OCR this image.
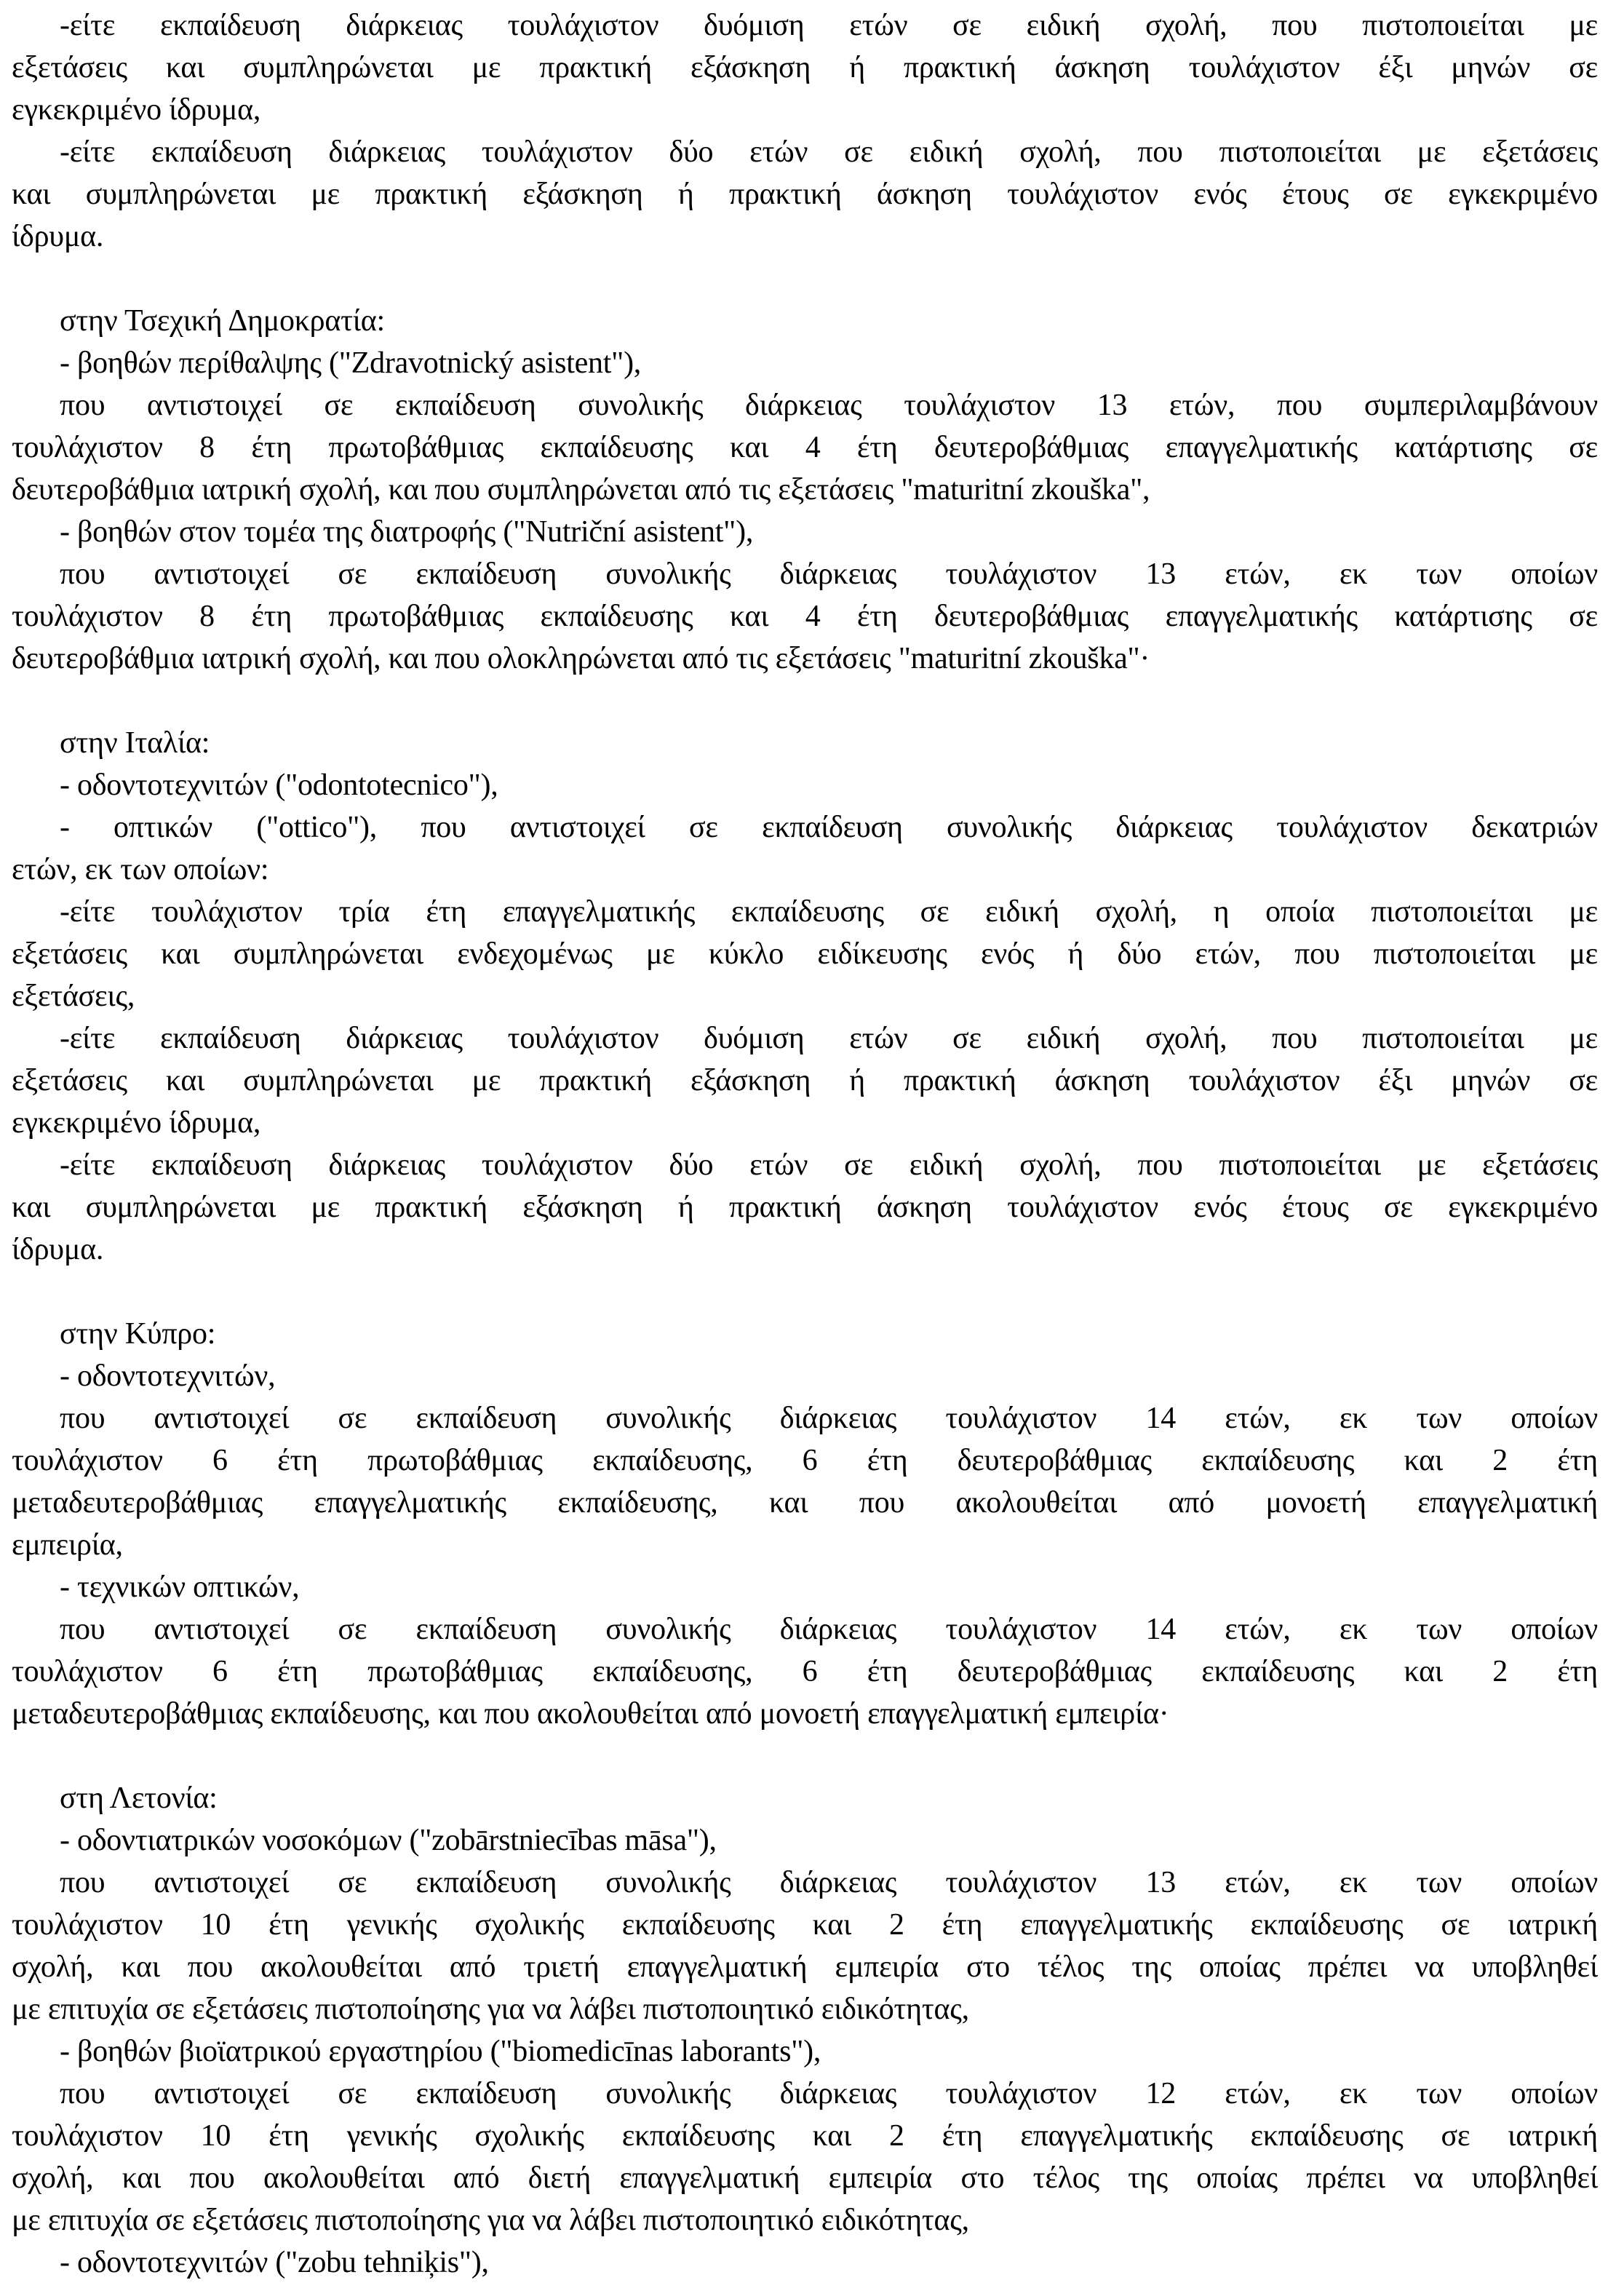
-είτε εκπαίδευση διάρκειας τουλάχιστον δυόμιση ετών σε ειδική σχολή, που πιστοποιείται με
εξετάσεις και συμπληρώνεται με πρακτική εξάσκηση ή πρακτική άσκηση τουλάχιστον έξι μηνών σε
εγκεκριμένο ίδρυμα,

-είτε εκπαίδευση διάρκειας τουλάχιστον δύο ετών σε ειδική σχολή, που πιστοποιείται με εξετάσεις
και συμπληρώνεται με πρακτική εξάσκηση ή πρακτική άσκηση τουλάχιστον ενός έτους σε εγκεκριμένο
ίδρυμα.

στην Τσεχική Δημοκρατία:

- βοηθών περίθαλψης ("Zdravotnický asistent"),

που αντιστοιχεί σε εκπαίδευση συνολικής διάρκειας τουλάχιστον 13 ετών, που συμπεριλαμβάνουν
τουλάχιστον 8 έτη πρωτοβάθμιας εκπαίδευσης και 4 έτη δευτεροβάθμιας επαγγελματικής κατάρτισης σε
δευτεροβάθμια ιατρική σχολή, και που συμπληρώνεται από τις εξετάσεις "maturitní zkouška",

- βοηθών στον τομέα της διατροφής ("Nutriční asistent"),

που αντιστοιχεί σε εκπαίδευση συνολικής διάρκειας τουλάχιστον 13 ετών, εκ των οποίων
τουλάχιστον 8 έτη πρωτοβάθμιας εκπαίδευσης και 4 έτη δευτεροβάθμιας επαγγελματικής κατάρτισης σε
δευτεροβάθμια ιατρική σχολή, και που ολοκληρώνεται από τις εξετάσεις "maturitní zkouška"·

στην Ιταλία:

- οδοντοτεχνιτών ("odontotecnico"),

- οπτικών ("ottico"), που αντιστοιχεί σε εκπαίδευση συνολικής διάρκειας τουλάχιστον δεκατριών
ετών, εκ των οποίων:

-είτε τουλάχιστον τρία έτη επαγγελματικής εκπαίδευσης σε ειδική σχολή, η οποία πιστοποιείται με
εξετάσεις και συμπληρώνεται ενδεχομένως με κύκλο ειδίκευσης ενός ή δύο ετών, που πιστοποιείται με
εξετάσεις,

-είτε εκπαίδευση διάρκειας τουλάχιστον δυόμιση ετών σε ειδική σχολή, που πιστοποιείται με
εξετάσεις και συμπληρώνεται με πρακτική εξάσκηση ή πρακτική άσκηση τουλάχιστον έξι μηνών σε
εγκεκριμένο ίδρυμα,

-είτε εκπαίδευση διάρκειας τουλάχιστον δύο ετών σε ειδική σχολή, που πιστοποιείται με εξετάσεις
και συμπληρώνεται με πρακτική εξάσκηση ή πρακτική άσκηση τουλάχιστον ενός έτους σε εγκεκριμένο
ίδρυμα.

στην Κύπρο:

- οδοντοτεχνιτών,

που αντιστοιχεί σε εκπαίδευση συνολικής διάρκειας τουλάχιστον 14 ετών, εκ των οποίων
τουλάχιστον 6 έτη πρωτοβάθμιας εκπαίδευσης, 6 έτη δευτεροβάθμιας εκπαίδευσης και 2 έτη
μεταδευτεροβάθμιας επαγγελματικής εκπαίδευσης, και που ακολουθείται από μονοετή επαγγελματική
εμπειρία,

- τεχνικών οπτικών,

που αντιστοιχεί σε εκπαίδευση συνολικής διάρκειας τουλάχιστον 14 ετών, εκ των οποίων
τουλάχιστον 6 έτη πρωτοβάθμιας εκπαίδευσης, 6 έτη δευτεροβάθμιας εκπαίδευσης και 2 έτη
μεταδευτεροβάθμιας εκπαίδευσης, και που ακολουθείται από μονοετή επαγγελματική εμπειρία·

στη Λετονία:

- οδοντιατρικών νοσοκόμων ("zobārstniecības māsa"),

που αντιστοιχεί σε εκπαίδευση συνολικής διάρκειας τουλάχιστον 13 ετών, εκ των οποίων
τουλάχιστον 10 έτη γενικής σχολικής εκπαίδευσης και 2 έτη επαγγελματικής εκπαίδευσης σε ιατρική
σχολή, και που ακολουθείται από τριετή επαγγελματική εμπειρία στο τέλος της οποίας πρέπει να υποβληθεί
με επιτυχία σε εξετάσεις πιστοποίησης για να λάβει πιστοποιητικό ειδικότητας,

- βοηθών βιοϊατρικού εργαστηρίου ("biomedicīnas laborants"),

που αντιστοιχεί σε εκπαίδευση συνολικής διάρκειας τουλάχιστον 12 ετών, εκ των οποίων
τουλάχιστον 10 έτη γενικής σχολικής εκπαίδευσης και 2 έτη επαγγελματικής εκπαίδευσης σε ιατρική
σχολή, και που ακολουθείται από διετή επαγγελματική εμπειρία στο τέλος της οποίας πρέπει να υποβληθεί
με επιτυχία σε εξετάσεις πιστοποίησης για να λάβει πιστοποιητικό ειδικότητας,

- οδοντοτεχνιτών ("zobu tehniķis"),
